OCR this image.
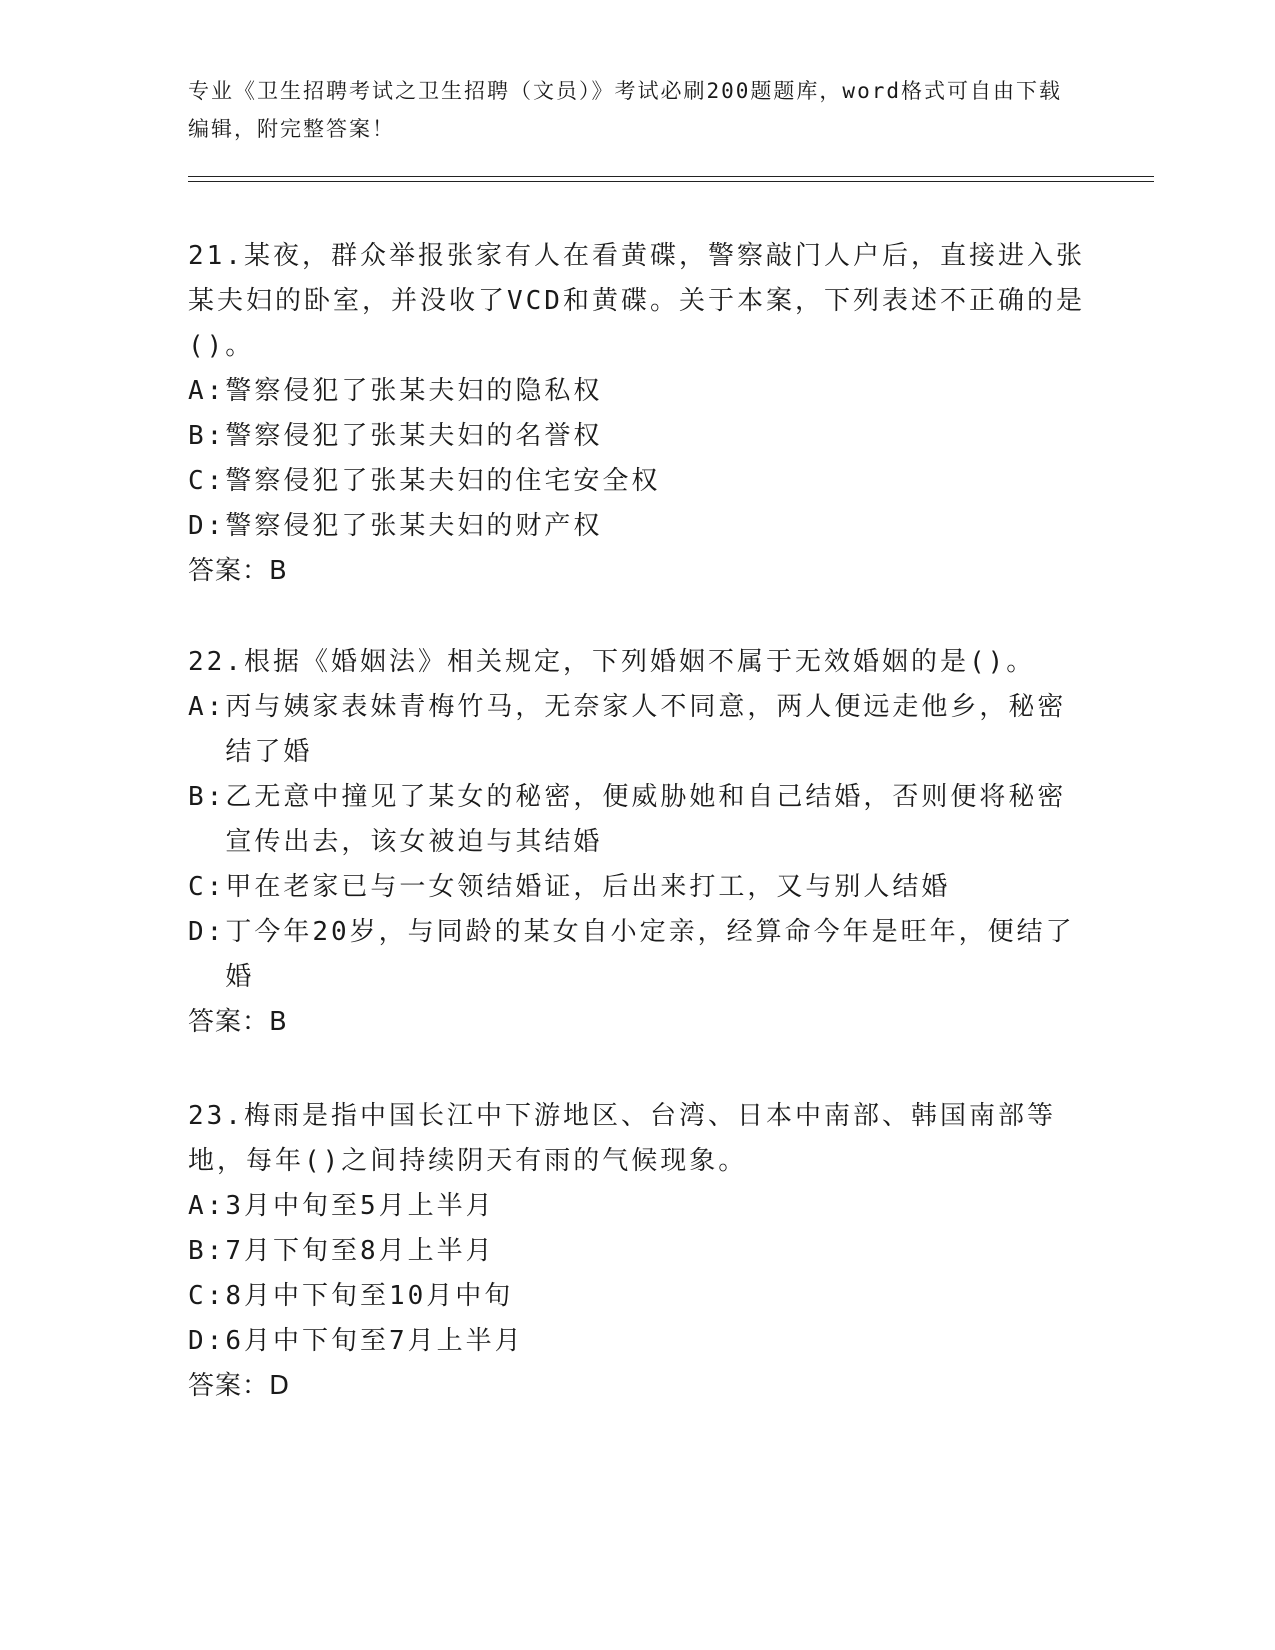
专业《卫生招聘考试之卫生招聘（文员）》考试必刷200题题库，word格式可自由下载编辑，附完整答案！

21.某夜，群众举报张家有人在看黄碟，警察敲门人户后，直接进入张某夫妇的卧室，并没收了VCD和黄碟。关于本案，下列表述不正确的是()。

A: 警察侵犯了张某夫妇的隐私权
B: 警察侵犯了张某夫妇的名誉权
C: 警察侵犯了张某夫妇的住宅安全权
D: 警察侵犯了张某夫妇的财产权

答案：B

22.根据《婚姻法》相关规定，下列婚姻不属于无效婚姻的是()。

A: 丙与姨家表妹青梅竹马，无奈家人不同意，两人便远走他乡，秘密结了婚
B: 乙无意中撞见了某女的秘密，便威胁她和自己结婚，否则便将秘密宣传出去，该女被迫与其结婚
C: 甲在老家已与一女领结婚证，后出来打工，又与别人结婚
D: 丁今年20岁，与同龄的某女自小定亲，经算命今年是旺年，便结了婚

答案：B

23.梅雨是指中国长江中下游地区、台湾、日本中南部、韩国南部等地，每年()之间持续阴天有雨的气候现象。

A: 3月中旬至5月上半月
B: 7月下旬至8月上半月
C: 8月中下旬至10月中旬
D: 6月中下旬至7月上半月

答案：D
